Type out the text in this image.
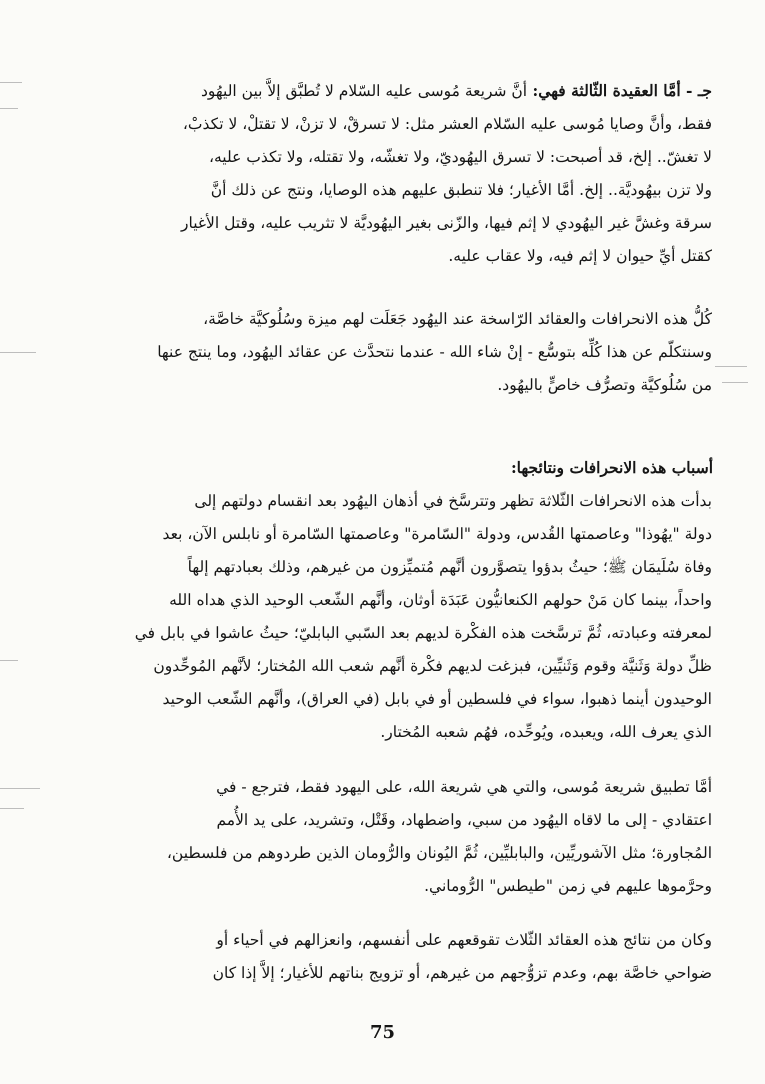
جـ - أمَّا العقيدة الثّالثة فهي: أنَّ شريعة مُوسى عليه السّلام لا تُطبَّق إلاَّ بين اليهُود
فقط، وأنَّ وصايا مُوسى عليه السّلام العشر مثل: لا تسرقْ، لا تزنْ، لا تقتلْ، لا تكذبْ،
لا تغشّ.. إلخ، قد أصبحت: لا تسرق اليهُوديّ، ولا تغشّه، ولا تقتله، ولا تكذب عليه،
ولا تزن بيهُوديَّة.. إلخ. أمَّا الأغيار؛ فلا تنطبق عليهم هذه الوصايا، ونتج عن ذلك أنَّ
سرقة وغشَّ غير اليهُودي لا إثم فيها، والزّنى بغير اليهُوديَّة لا تثريب عليه، وقتل الأغيار
كقتل أيِّ حيوان لا إثم فيه، ولا عقاب عليه.
كُلُّ هذه الانحرافات والعقائد الرّاسخة عند اليهُود جَعَلَت لهم ميزة وسُلُوكيَّة خاصَّة،
وسنتكلّم عن هذا كُلِّه بتوسُّع - إنْ شاء الله - عندما نتحدَّث عن عقائد اليهُود، وما ينتج عنها
من سُلُوكيَّة وتصرُّف خاصٍّ باليهُود.
أسباب هذه الانحرافات ونتائجها:
بدأت هذه الانحرافات الثّلاثة تظهر وتترسَّخ في أذهان اليهُود بعد انقسام دولتهم إلى
دولة "يهُوذا" وعاصمتها القُدس، ودولة "السّامرة" وعاصمتها السّامرة أو نابلس الآن، بعد
وفاة سُلَيمَان ﷺ؛ حيثُ بدؤوا يتصوَّرون أنَّهم مُتميِّزون من غيرهم، وذلك بعبادتهم إلهاً
واحداً، بينما كان مَنْ حولهم الكنعانيُّون عَبَدَة أوثان، وأنَّهم الشّعب الوحيد الذي هداه الله
لمعرفته وعبادته، ثُمَّ ترسَّخت هذه الفكْرة لديهم بعد السّبي البابليّ؛ حيثُ عاشوا في بابل في
ظلِّ دولة وَثَنيَّة وقوم وَثَنيِّين، فبزغت لديهم فكْرة أنَّهم شعب الله المُختار؛ لأنَّهم المُوحِّدون
الوحيدون أينما ذهبوا، سواء في فلسطين أو في بابل (في العراق)، وأنَّهم الشّعب الوحيد
الذي يعرف الله، ويعبده، ويُوحِّده، فهُم شعبه المُختار.
أمَّا تطبيق شريعة مُوسى، والتي هي شريعة الله، على اليهود فقط، فترجع - في
اعتقادي - إلى ما لاقاه اليهُود من سبي، واضطهاد، وقَتْل، وتشريد، على يد الأُمم
المُجاورة؛ مثل الآشوريِّين، والبابليِّين، ثُمَّ اليُونان والرُّومان الذين طردوهم من فلسطين،
وحرَّموها عليهم في زمن "طيطس" الرُّوماني.
وكان من نتائج هذه العقائد الثّلاث تقوقعهم على أنفسهم، وانعزالهم في أحياء أو
ضواحي خاصَّة بهم، وعدم تزوُّجهم من غيرهم، أو تزويج بناتهم للأغيار؛ إلاَّ إذا كان
75
